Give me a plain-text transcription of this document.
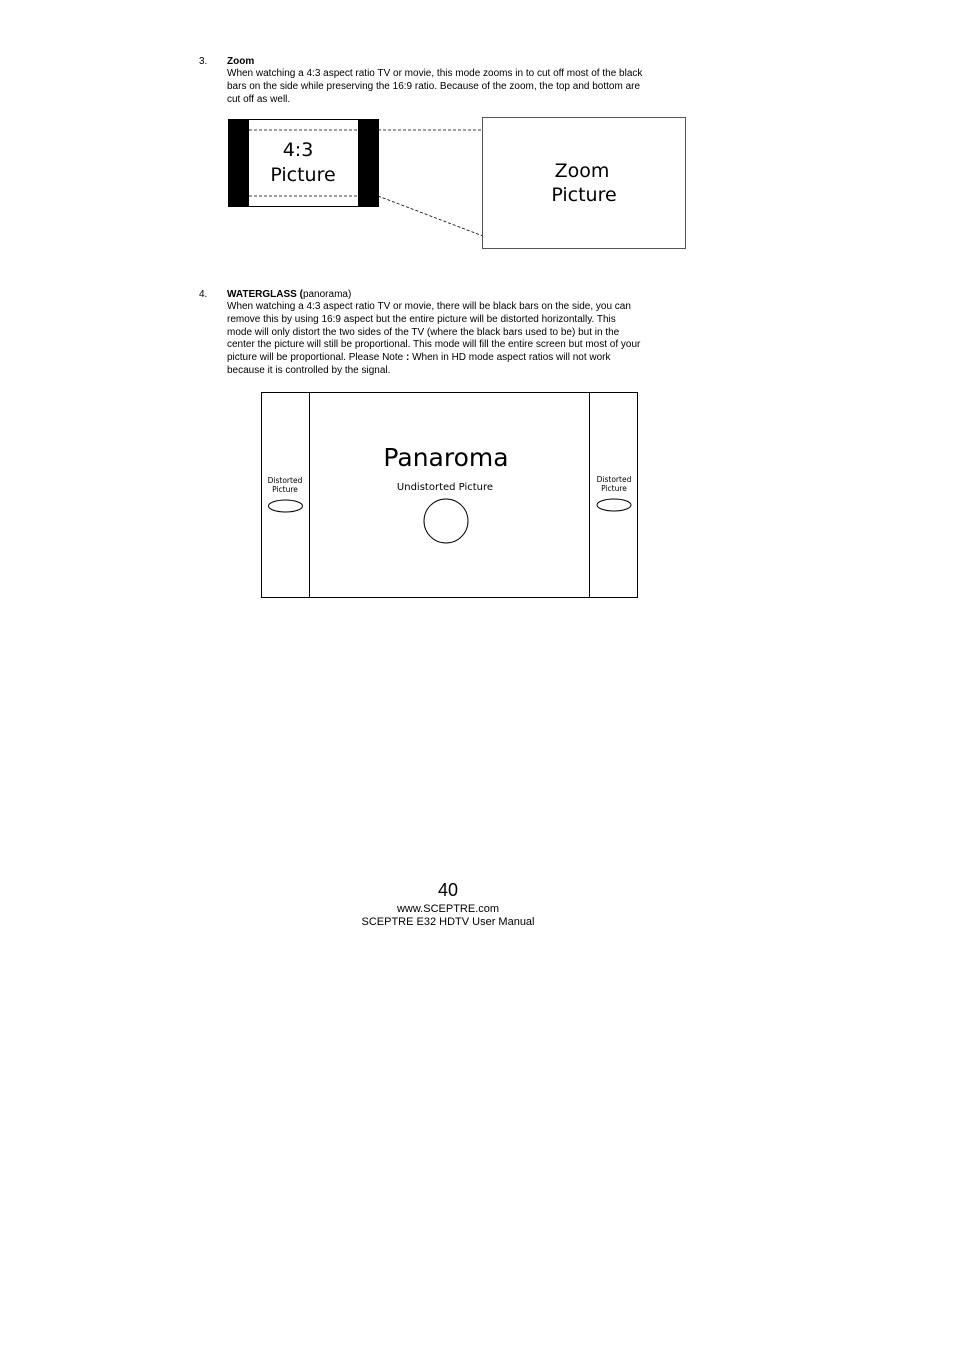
3. Zoom
When watching a 4:3 aspect ratio TV or movie, this mode zooms in to cut off most of the black
bars on the side while preserving the 16:9 ratio. Because of the zoom, the top and bottom are
cut off as well.
4:3
Picture	Zoom
Picture
4. WATERGLASS (panorama)
When watching a 4:3 aspect ratio TV or movie, there will be black bars on the side, you can
remove this by using 16:9 aspect but the entire picture will be distorted horizontally. This
mode will only distort the two sides of the TV (where the black bars used to be) but in the
center the picture will still be proportional. This mode will fill the entire screen but most of your
picture will be proportional. Please Note : When in HD mode aspect ratios will not work
because it is controlled by the signal.
Panaroma
Undistorted Picture
Distorted
Picture
Distorted
Picture
40
www.SCEPTRE.com
SCEPTRE E32 HDTV User Manual
